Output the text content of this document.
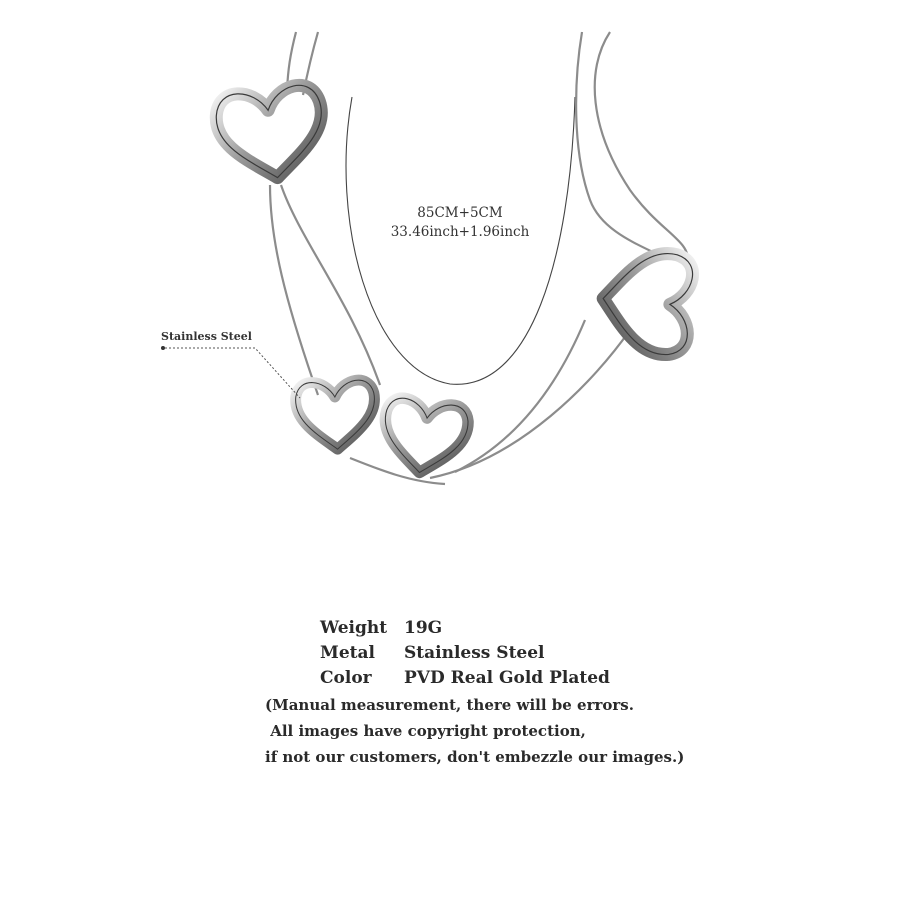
85CM+5CM
33.46inch+1.96inch
Stainless Steel
Weight 19G
Metal Stainless Steel
Color PVD Real Gold Plated
(Manual measurement, there will be errors.
All images have copyright protection,
if not our customers, don't embezzle our images.)
